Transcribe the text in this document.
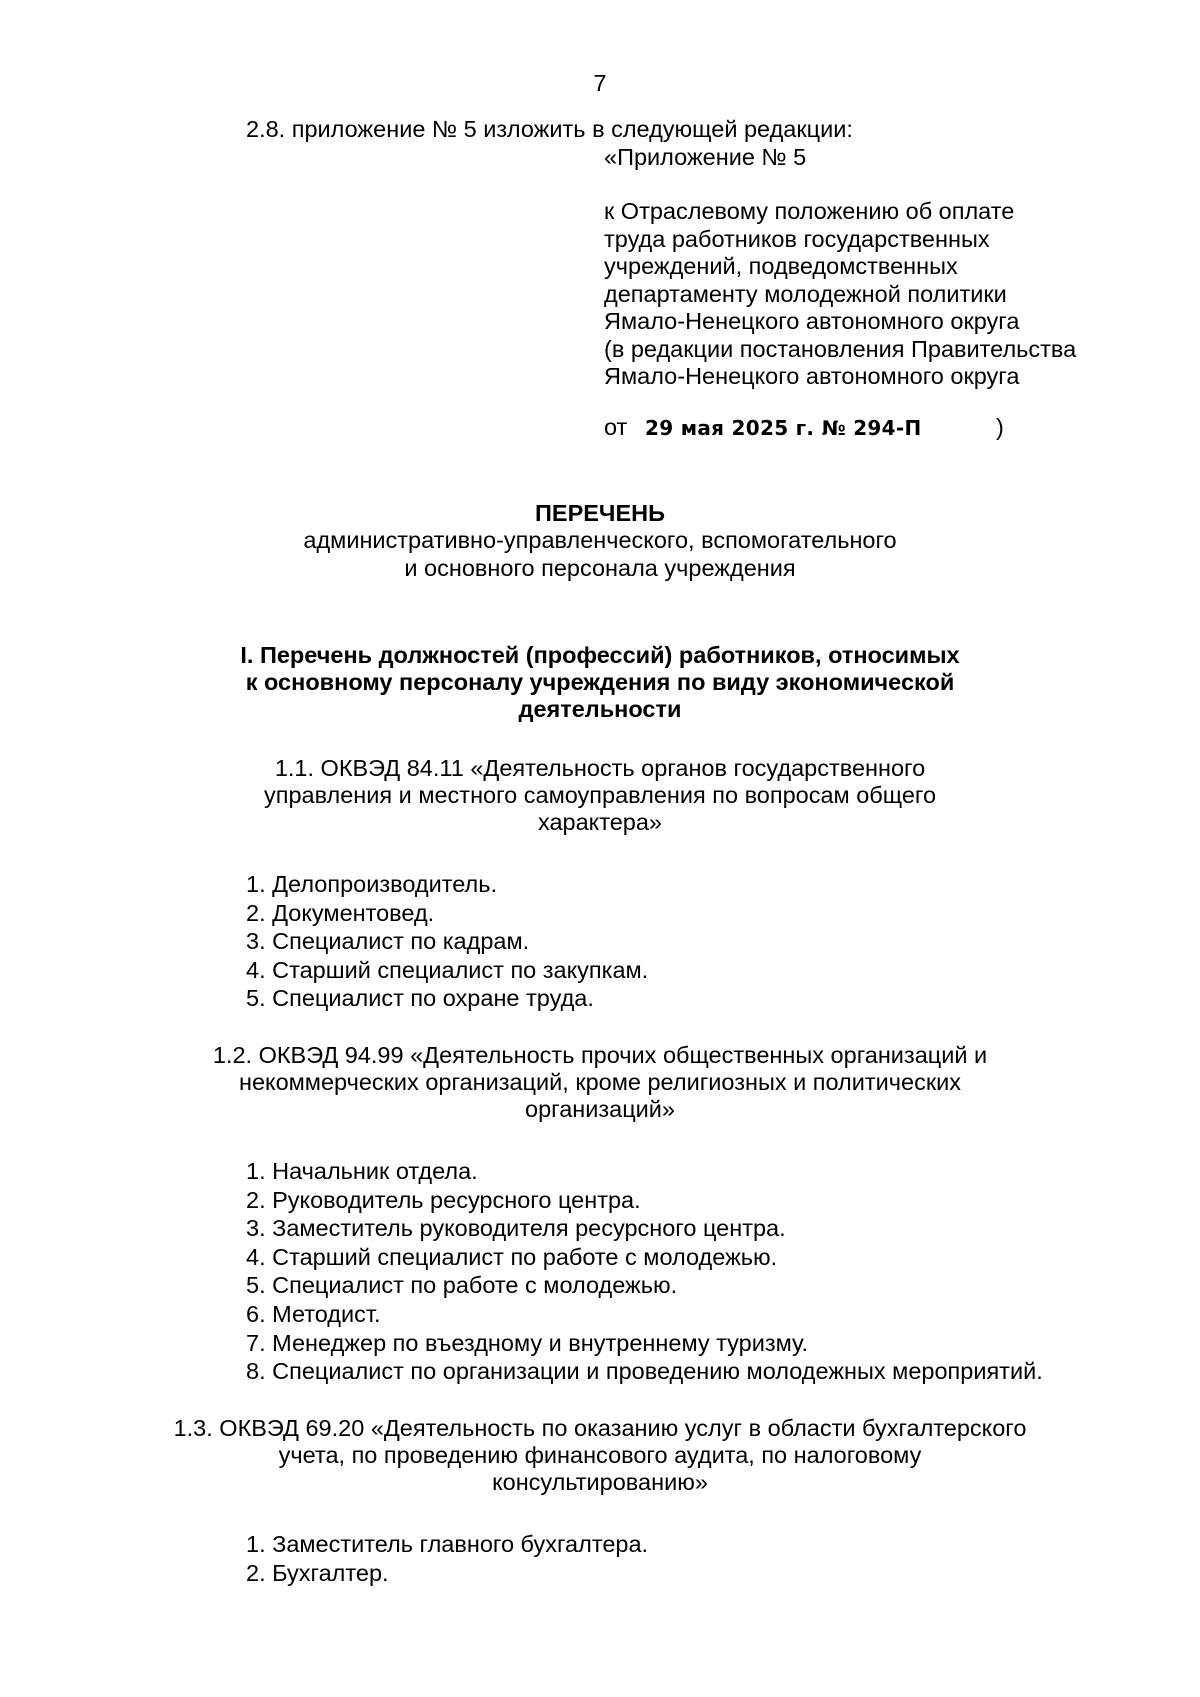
7
2.8. приложение № 5 изложить в следующей редакции:
«Приложение № 5
к Отраслевому положению об оплате
труда работников государственных
учреждений, подведомственных
департаменту молодежной политики
Ямало-Ненецкого автономного округа
(в редакции постановления Правительства
Ямало-Ненецкого автономного округа
от 29 мая 2025 г. № 294-П	)
ПЕРЕЧЕНЬ
административно-управленческого, вспомогательного
и основного персонала учреждения
I. Перечень должностей (профессий) работников, относимых
к основному персоналу учреждения по виду экономической
деятельности
1.1. ОКВЭД 84.11 «Деятельность органов государственного
управления и местного самоуправления по вопросам общего
характера»
1. Делопроизводитель.
2. Документовед.
3. Специалист по кадрам.
4. Старший специалист по закупкам.
5. Специалист по охране труда.
1.2. ОКВЭД 94.99 «Деятельность прочих общественных организаций и
некоммерческих организаций, кроме религиозных и политических
организаций»
1. Начальник отдела.
2. Руководитель ресурсного центра.
3. Заместитель руководителя ресурсного центра.
4. Старший специалист по работе с молодежью.
5. Специалист по работе с молодежью.
6. Методист.
7. Менеджер по въездному и внутреннему туризму.
8. Специалист по организации и проведению молодежных мероприятий.
1.3. ОКВЭД 69.20 «Деятельность по оказанию услуг в области бухгалтерского
учета, по проведению финансового аудита, по налоговому
консультированию»
1. Заместитель главного бухгалтера.
2. Бухгалтер.
